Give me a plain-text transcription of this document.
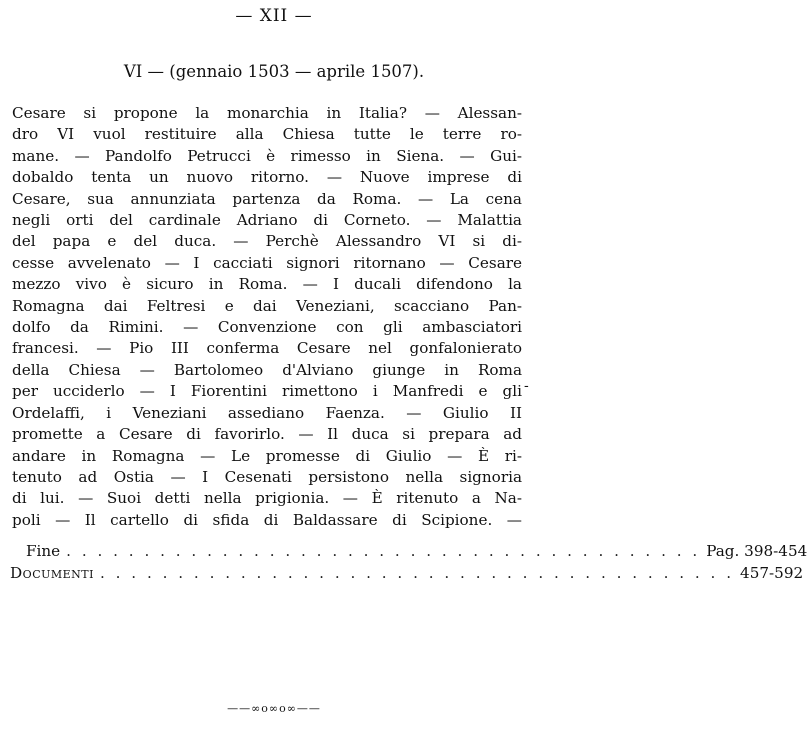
— XII —
VI — (gennaio 1503 — aprile 1507).
Cesare si propone la monarchia in Italia? — Alessan-
dro VI vuol restituire alla Chiesa tutte le terre ro-
mane. — Pandolfo Petrucci è rimesso in Siena. — Gui-
dobaldo tenta un nuovo ritorno. — Nuove imprese di
Cesare, sua annunziata partenza da Roma. — La cena
negli orti del cardinale Adriano di Corneto. — Malattia
del papa e del duca. — Perchè Alessandro VI si di-
cesse avvelenato — I cacciati signori ritornano — Cesare
mezzo vivo è sicuro in Roma. — I ducali difendono la
Romagna dai Feltresi e dai Veneziani, scacciano Pan-
dolfo da Rimini. — Convenzione con gli ambasciatori
francesi. — Pio III conferma Cesare nel gonfalonierato
della Chiesa — Bartolomeo d'Alviano giunge in Roma
per ucciderlo — I Fiorentini rimettono i Manfredi e gli
Ordelaffi, i Veneziani assediano Faenza. — Giulio II
promette a Cesare di favorirlo. — Il duca si prepara ad
andare in Romagna — Le promesse di Giulio — È ri-
tenuto ad Ostia — I Cesenati persistono nella signoria
di lui. — Suoi detti nella prigionia. — È ritenuto a Na-
poli — Il cartello di sfida di Baldassare di Scipione. —
Fine . . . . . . . . . . . . . . . . . . . . . . . . . . . . . . . . . . . . . . . . . Pag. 398-454
Documenti . . . . . . . . . . . . . . . . . . . . . . . . . . . . . . . . . . . . . . . . . 457-592
-
——∞ο∞ο∞——
